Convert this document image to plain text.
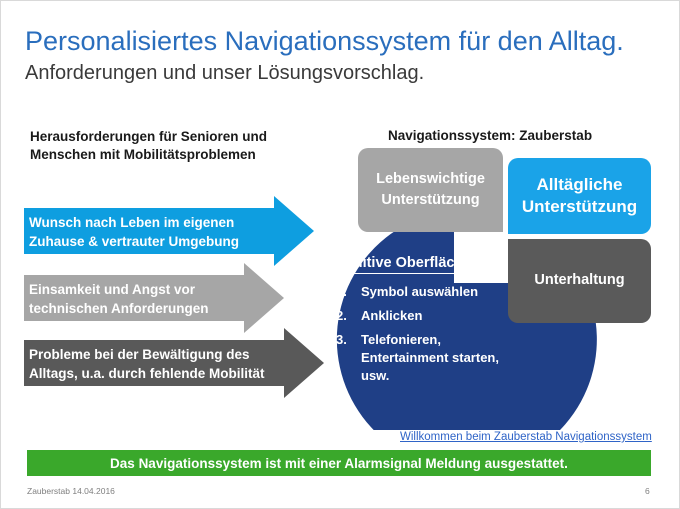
Personalisiertes Navigationssystem für den Alltag.
Anforderungen und unser Lösungsvorschlag.
Herausforderungen für Senioren und
Menschen mit Mobilitätsproblemen
Navigationssystem: Zauberstab
Wunsch nach Leben im eigenen
Zuhause & vertrauter Umgebung
Einsamkeit und Angst vor
technischen Anforderungen
Probleme bei der Bewältigung des
Alltags, u.a. durch fehlende Mobilität
Lebenswichtige
Unterstützung
Alltägliche
Unterstützung
Unterhaltung
Intuitive Oberfläche
1.	Symbol auswählen
2.	Anklicken
3.	Telefonieren,
Entertainment starten,
usw.
Willkommen beim Zauberstab Navigationssystem
Das Navigationssystem ist mit einer Alarmsignal Meldung ausgestattet.
Zauberstab 14.04.2016	6
